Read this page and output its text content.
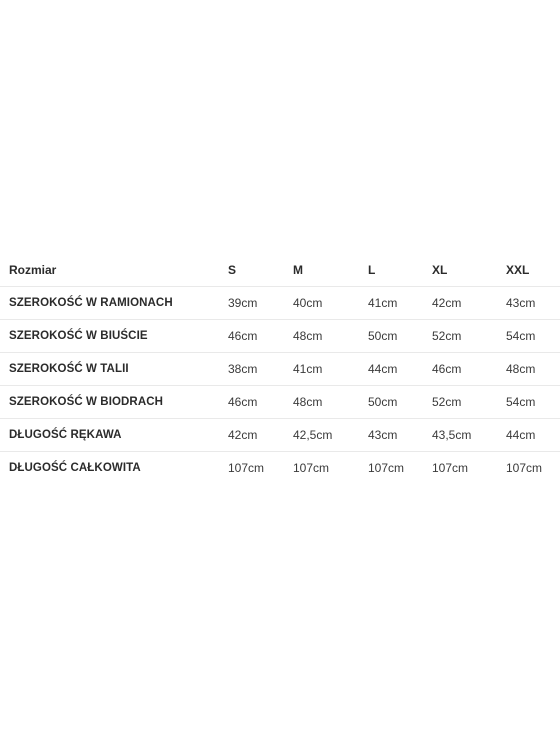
Rozmiar	S	M	L	XL	XXL
SZEROKOŚĆ W RAMIONACH	39cm	40cm	41cm	42cm	43cm
SZEROKOŚĆ W BIUŚCIE	46cm	48cm	50cm	52cm	54cm
SZEROKOŚĆ W TALII	38cm	41cm	44cm	46cm	48cm
SZEROKOŚĆ W BIODRACH	46cm	48cm	50cm	52cm	54cm
DŁUGOŚĆ RĘKAWA	42cm	42,5cm	43cm	43,5cm	44cm
DŁUGOŚĆ CAŁKOWITA	107cm	107cm	107cm	107cm	107cm
